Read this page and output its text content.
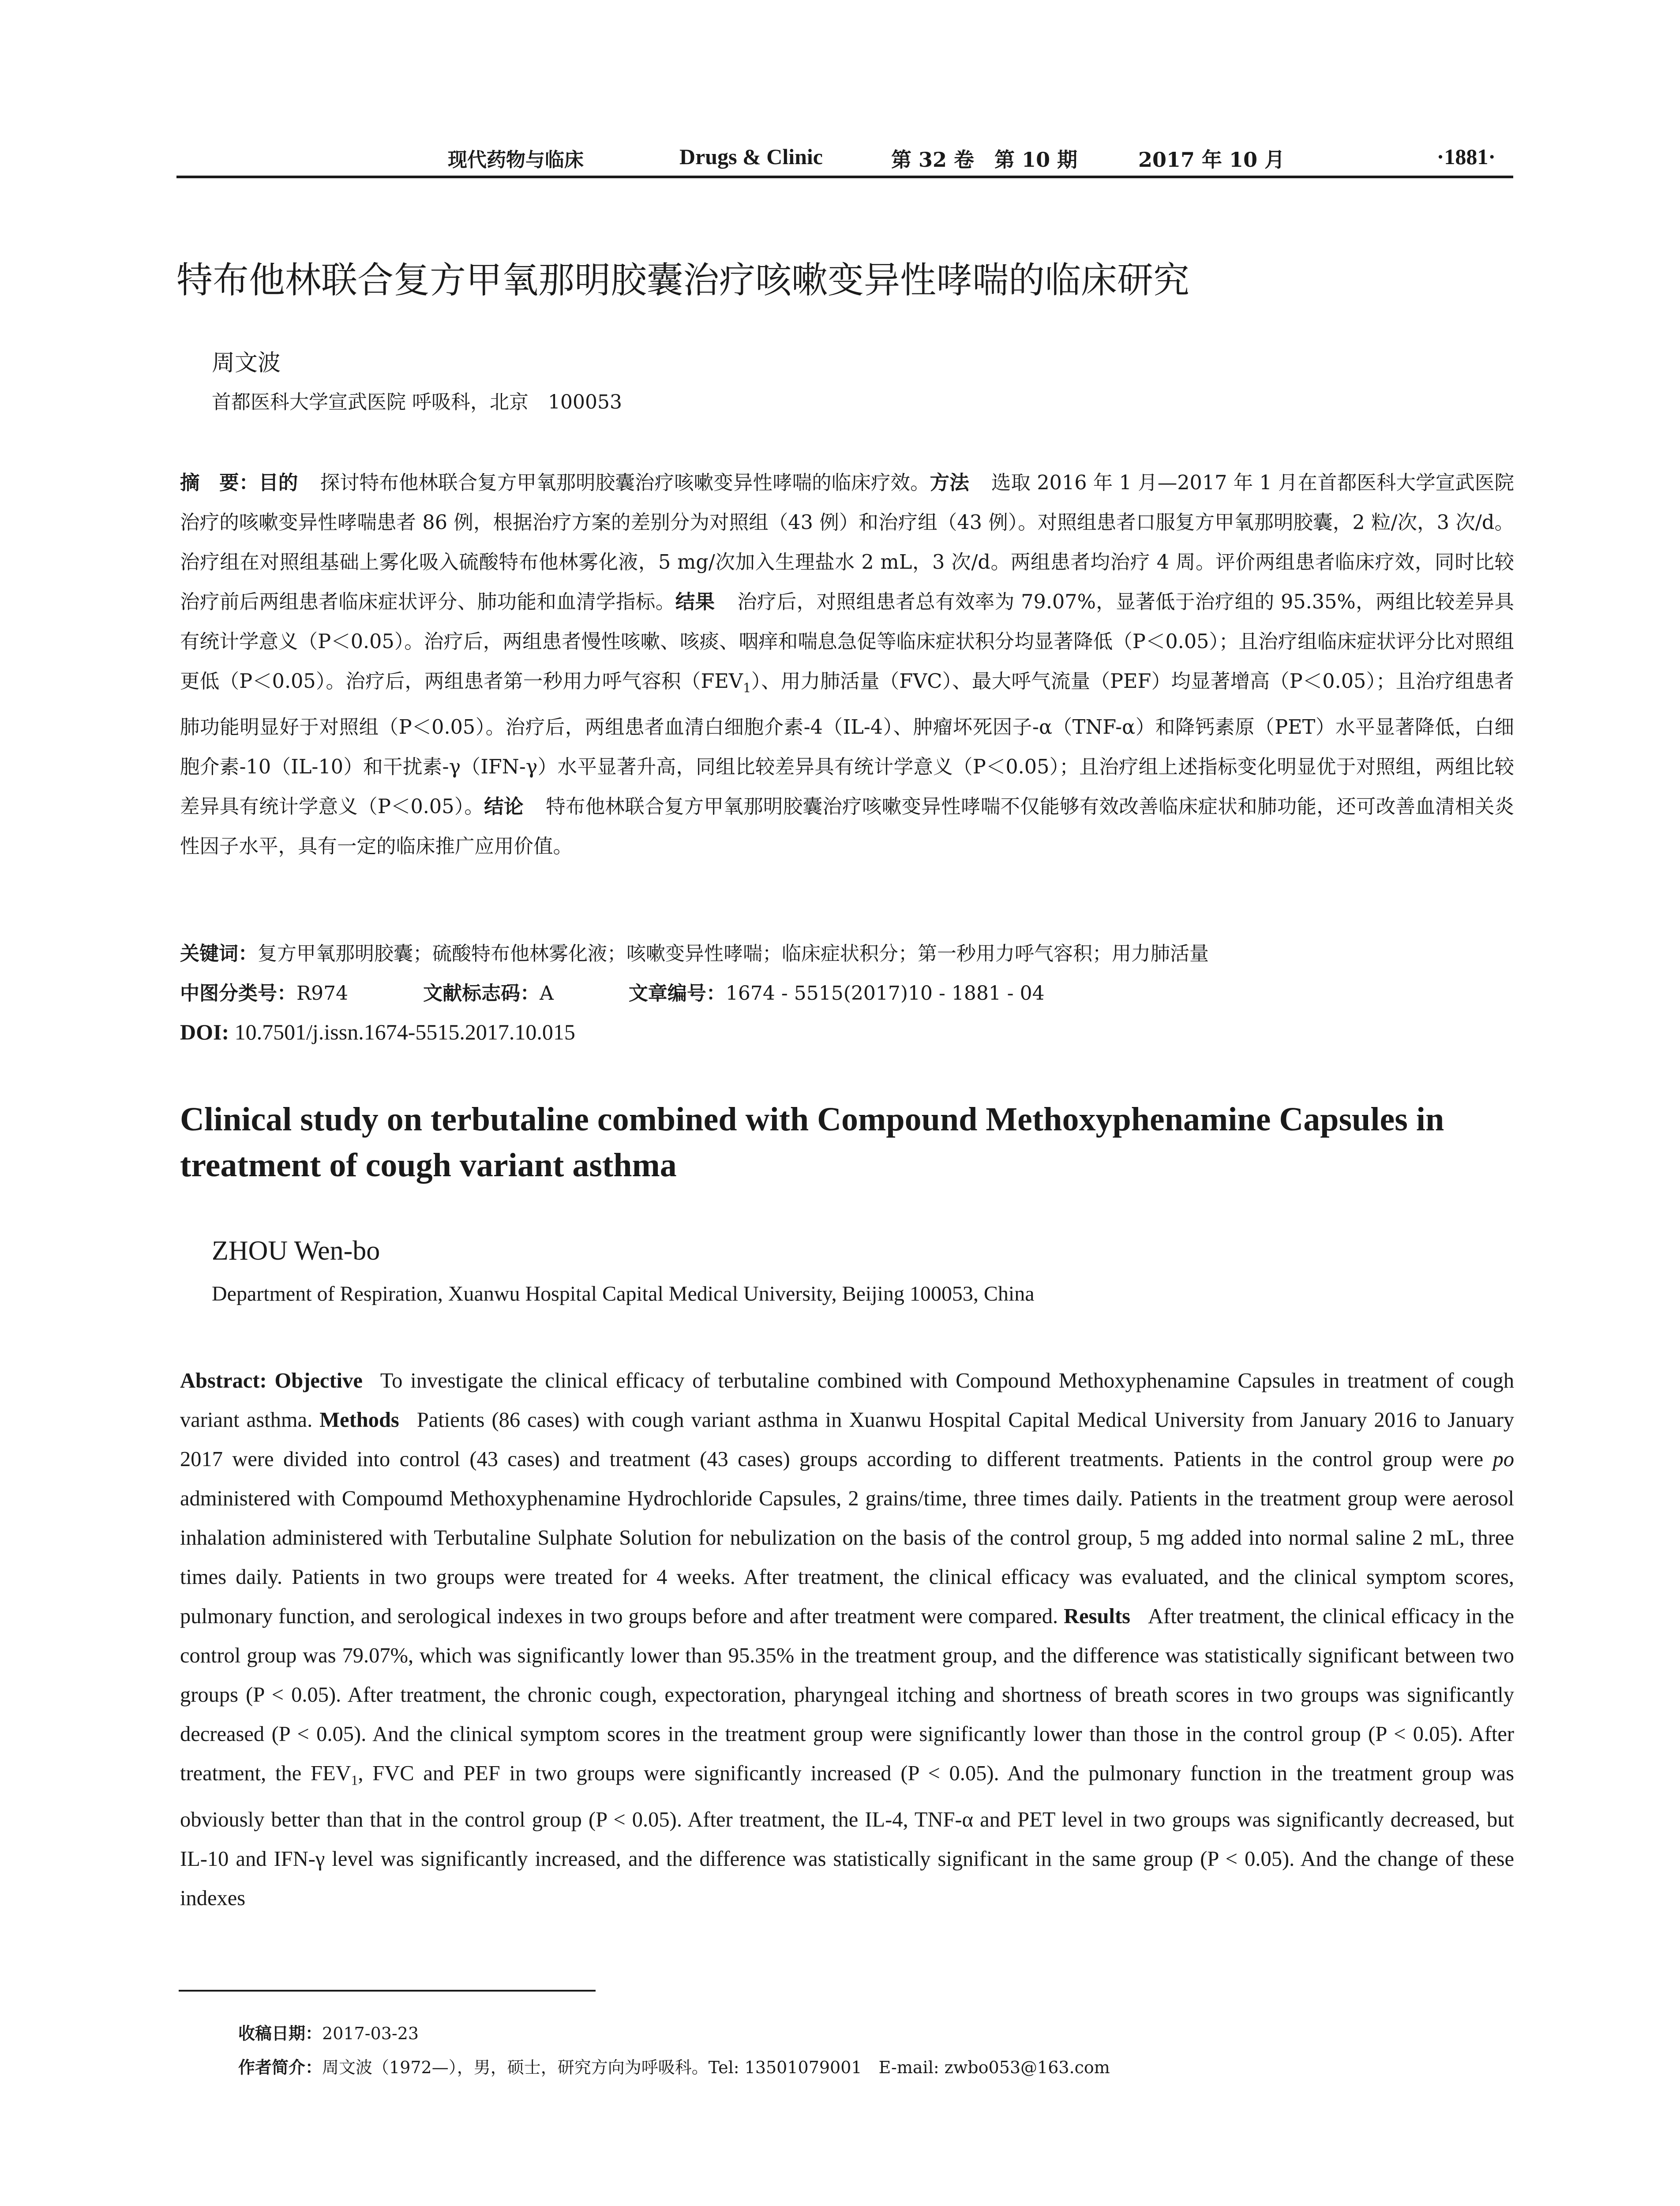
现代药物与临床	Drugs & Clinic	第 32 卷　第 10 期	2017 年 10 月	·1881·
特布他林联合复方甲氧那明胶囊治疗咳嗽变异性哮喘的临床研究
周文波
首都医科大学宣武医院 呼吸科，北京　100053
摘　要：目的 探讨特布他林联合复方甲氧那明胶囊治疗咳嗽变异性哮喘的临床疗效。方法 选取 2016 年 1 月—2017 年 1 月在首都医科大学宣武医院治疗的咳嗽变异性哮喘患者 86 例，根据治疗方案的差别分为对照组（43 例）和治疗组（43 例）。对照组患者口服复方甲氧那明胶囊，2 粒/次，3 次/d。治疗组在对照组基础上雾化吸入硫酸特布他林雾化液，5 mg/次加入生理盐水 2 mL，3 次/d。两组患者均治疗 4 周。评价两组患者临床疗效，同时比较治疗前后两组患者临床症状评分、肺功能和血清学指标。结果 治疗后，对照组患者总有效率为 79.07%，显著低于治疗组的 95.35%，两组比较差异具有统计学意义（P＜0.05）。治疗后，两组患者慢性咳嗽、咳痰、咽痒和喘息急促等临床症状积分均显著降低（P＜0.05）；且治疗组临床症状评分比对照组更低（P＜0.05）。治疗后，两组患者第一秒用力呼气容积$(FEV_1)$、用力肺活量（FVC）、最大呼气流量（PEF）均显著增高（P＜0.05）；且治疗组患者肺功能明显好于对照组（P＜0.05）。治疗后，两组患者血清白细胞介素-4（IL-4）、肿瘤坏死因子-α（TNF-α）和降钙素原（PET）水平显著降低，白细胞介素-10（IL-10）和干扰素-γ（IFN-γ）水平显著升高，同组比较差异具有统计学意义（P＜0.05）；且治疗组上述指标变化明显优于对照组，两组比较差异具有统计学意义（P＜0.05）。结论 特布他林联合复方甲氧那明胶囊治疗咳嗽变异性哮喘不仅能够有效改善临床症状和肺功能，还可改善血清相关炎性因子水平，具有一定的临床推广应用价值。
关键词：复方甲氧那明胶囊；硫酸特布他林雾化液；咳嗽变异性哮喘；临床症状积分；第一秒用力呼气容积；用力肺活量
中图分类号：R974	文献标志码：A	文章编号：1674 - 5515(2017)10 - 1881 - 04
DOI: 10.7501/j.issn.1674-5515.2017.10.015
Clinical study on terbutaline combined with Compound Methoxyphenamine Capsules in treatment of cough variant asthma
ZHOU Wen-bo
Department of Respiration, Xuanwu Hospital Capital Medical University, Beijing 100053, China
Abstract: Objective To investigate the clinical efficacy of terbutaline combined with Compound Methoxyphenamine Capsules in treatment of cough variant asthma. Methods Patients (86 cases) with cough variant asthma in Xuanwu Hospital Capital Medical University from January 2016 to January 2017 were divided into control (43 cases) and treatment (43 cases) groups according to different treatments. Patients in the control group were po administered with Compoumd Methoxyphenamine Hydrochloride Capsules, 2 grains/time, three times daily. Patients in the treatment group were aerosol inhalation administered with Terbutaline Sulphate Solution for nebulization on the basis of the control group, 5 mg added into normal saline 2 mL, three times daily. Patients in two groups were treated for 4 weeks. After treatment, the clinical efficacy was evaluated, and the clinical symptom scores, pulmonary function, and serological indexes in two groups before and after treatment were compared. Results After treatment, the clinical efficacy in the control group was 79.07%, which was significantly lower than 95.35% in the treatment group, and the difference was statistically significant between two groups (P < 0.05). After treatment, the chronic cough, expectoration, pharyngeal itching and shortness of breath scores in two groups was significantly decreased (P < 0.05). And the clinical symptom scores in the treatment group were significantly lower than those in the control group (P < 0.05). After treatment, the $FEV_1$, FVC and PEF in two groups were significantly increased (P < 0.05). And the pulmonary function in the treatment group was obviously better than that in the control group (P < 0.05). After treatment, the IL-4, TNF-α and PET level in two groups was significantly decreased, but IL-10 and IFN-γ level was significantly increased, and the difference was statistically significant in the same group (P < 0.05). And the change of these indexes
收稿日期：2017-03-23
作者简介：周文波（1972—），男，硕士，研究方向为呼吸科。Tel: 13501079001　E-mail: zwbo053@163.com
